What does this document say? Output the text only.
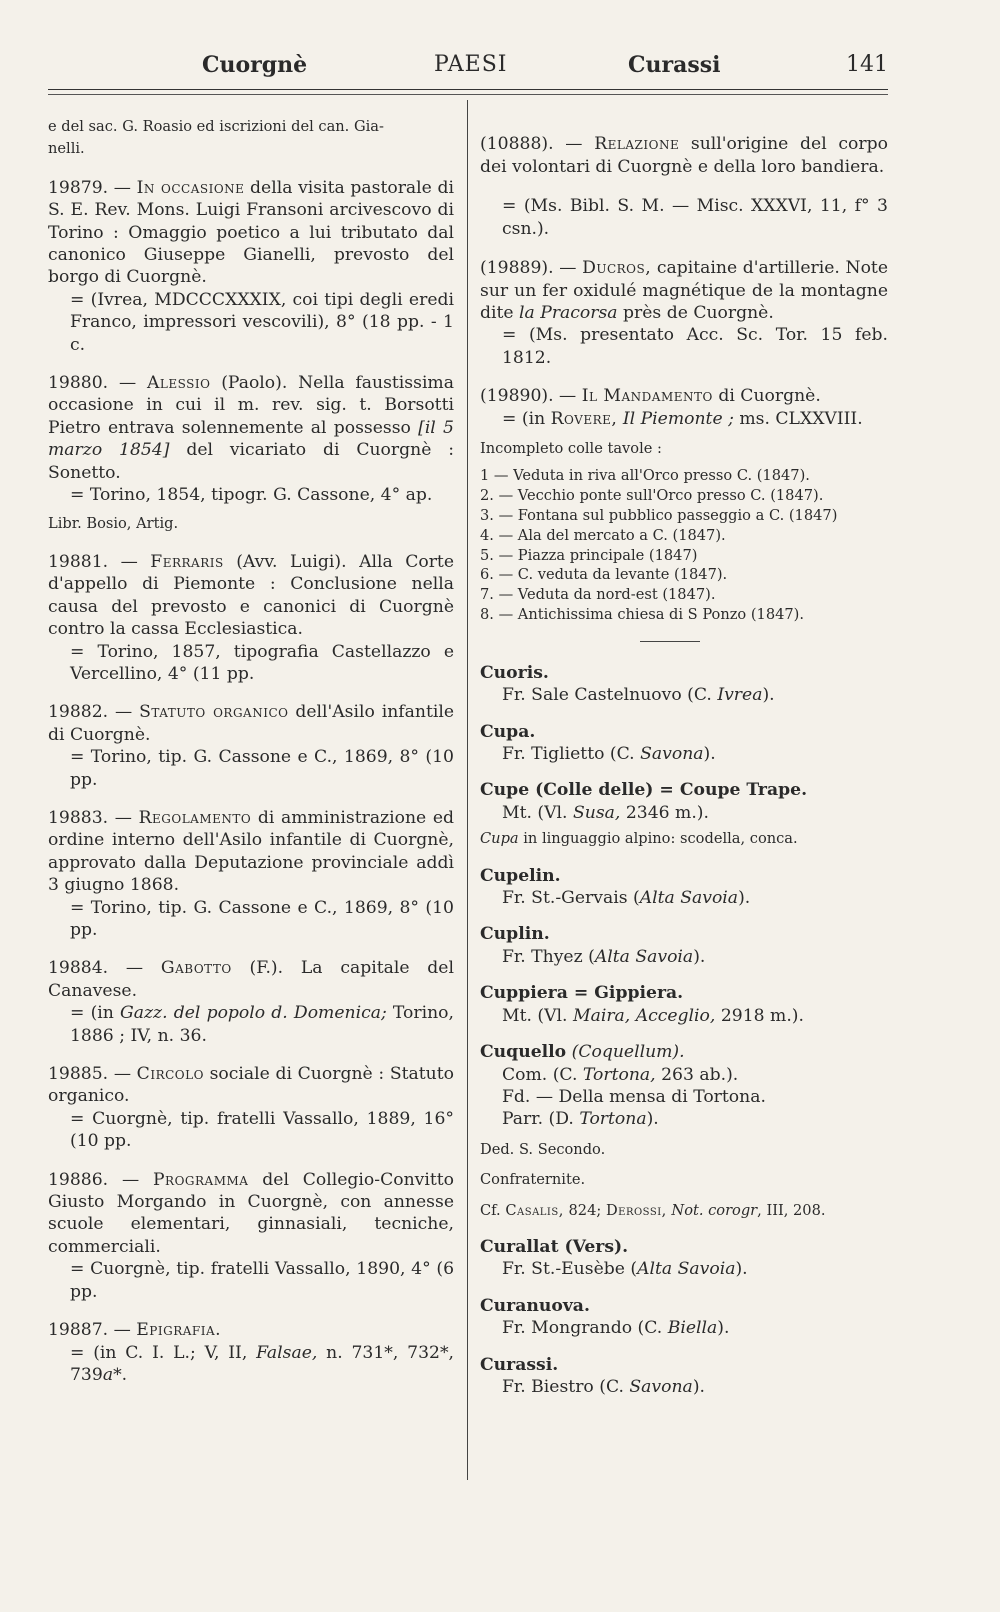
Cuorgnè	PAESI	Curassi	141
e del sac. G. Roasio ed iscrizioni del can. Gia-
nelli.

19879. — In occasione della visita pastorale di S. E. Rev. Mons. Luigi Fransoni arcivescovo di Torino : Omaggio poetico a lui tributato dal canonico Giuseppe Gianelli, prevosto del borgo di Cuorgnè.

= (Ivrea, MDCCCXXXIX, coi tipi degli eredi Franco, impressori vescovili), 8° (18 pp. - 1 c.

19880. — Alessio (Paolo). Nella faustissima occasione in cui il m. rev. sig. t. Borsotti Pietro entrava solennemente al possesso [il 5 marzo 1854] del vicariato di Cuorgnè : Sonetto.

= Torino, 1854, tipogr. G. Cassone, 4° ap.

Libr. Bosio, Artig.

19881. — Ferraris (Avv. Luigi). Alla Corte d'appello di Piemonte : Conclusione nella causa del prevosto e canonici di Cuorgnè contro la cassa Ecclesiastica.

= Torino, 1857, tipografia Castellazzo e Vercellino, 4° (11 pp.

19882. — Statuto organico dell'Asilo infantile di Cuorgnè.

= Torino, tip. G. Cassone e C., 1869, 8° (10 pp.

19883. — Regolamento di amministrazione ed ordine interno dell'Asilo infantile di Cuorgnè, approvato dalla Deputazione provinciale addì 3 giugno 1868.

= Torino, tip. G. Cassone e C., 1869, 8° (10 pp.

19884. — Gabotto (F.). La capitale del Canavese.

= (in Gazz. del popolo d. Domenica; Torino, 1886 ; IV, n. 36.

19885. — Circolo sociale di Cuorgnè : Statuto organico.

= Cuorgnè, tip. fratelli Vassallo, 1889, 16° (10 pp.

19886. — Programma del Collegio-Convitto Giusto Morgando in Cuorgnè, con annesse scuole elementari, ginnasiali, tecniche, commerciali.

= Cuorgnè, tip. fratelli Vassallo, 1890, 4° (6 pp.

19887. — Epigrafia.

= (in C. I. L.; V, II, Falsae, n. 731*, 732*, 739a*.

(10888). — Relazione sull'origine del corpo dei volontari di Cuorgnè e della loro bandiera.

= (Ms. Bibl. S. M. — Misc. XXXVI, 11, f° 3 csn.).

(19889). — Ducros, capitaine d'artillerie. Note sur un fer oxidulé magnétique de la montagne dite la Pracorsa près de Cuorgnè.

= (Ms. presentato Acc. Sc. Tor. 15 feb. 1812.

(19890). — Il Mandamento di Cuorgnè.

= (in Rovere, Il Piemonte ; ms. CLXXVIII.

Incompleto colle tavole :

1 — Veduta in riva all'Orco presso C. (1847).
2. — Vecchio ponte sull'Orco presso C. (1847).
3. — Fontana sul pubblico passeggio a C. (1847)
4. — Ala del mercato a C. (1847).
5. — Piazza principale (1847)
6. — C. veduta da levante (1847).
7. — Veduta da nord-est (1847).
8. — Antichissima chiesa di S Ponzo (1847).

Cuoris.

Fr. Sale Castelnuovo (C. Ivrea).

Cupa.

Fr. Tiglietto (C. Savona).

Cupe (Colle delle) = Coupe Trape.

Mt. (Vl. Susa, 2346 m.).

Cupa in linguaggio alpino: scodella, conca.

Cupelin.

Fr. St.-Gervais (Alta Savoia).

Cuplin.

Fr. Thyez (Alta Savoia).

Cuppiera = Gippiera.

Mt. (Vl. Maira, Acceglio, 2918 m.).

Cuquello (Coquellum).

Com. (C. Tortona, 263 ab.).

Fd. — Della mensa di Tortona.

Parr. (D. Tortona).

Ded. S. Secondo.

Confraternite.

Cf. Casalis, 824; Derossi, Not. corogr, III, 208.

Curallat (Vers).

Fr. St.-Eusèbe (Alta Savoia).

Curanuova.

Fr. Mongrando (C. Biella).

Curassi.

Fr. Biestro (C. Savona).
